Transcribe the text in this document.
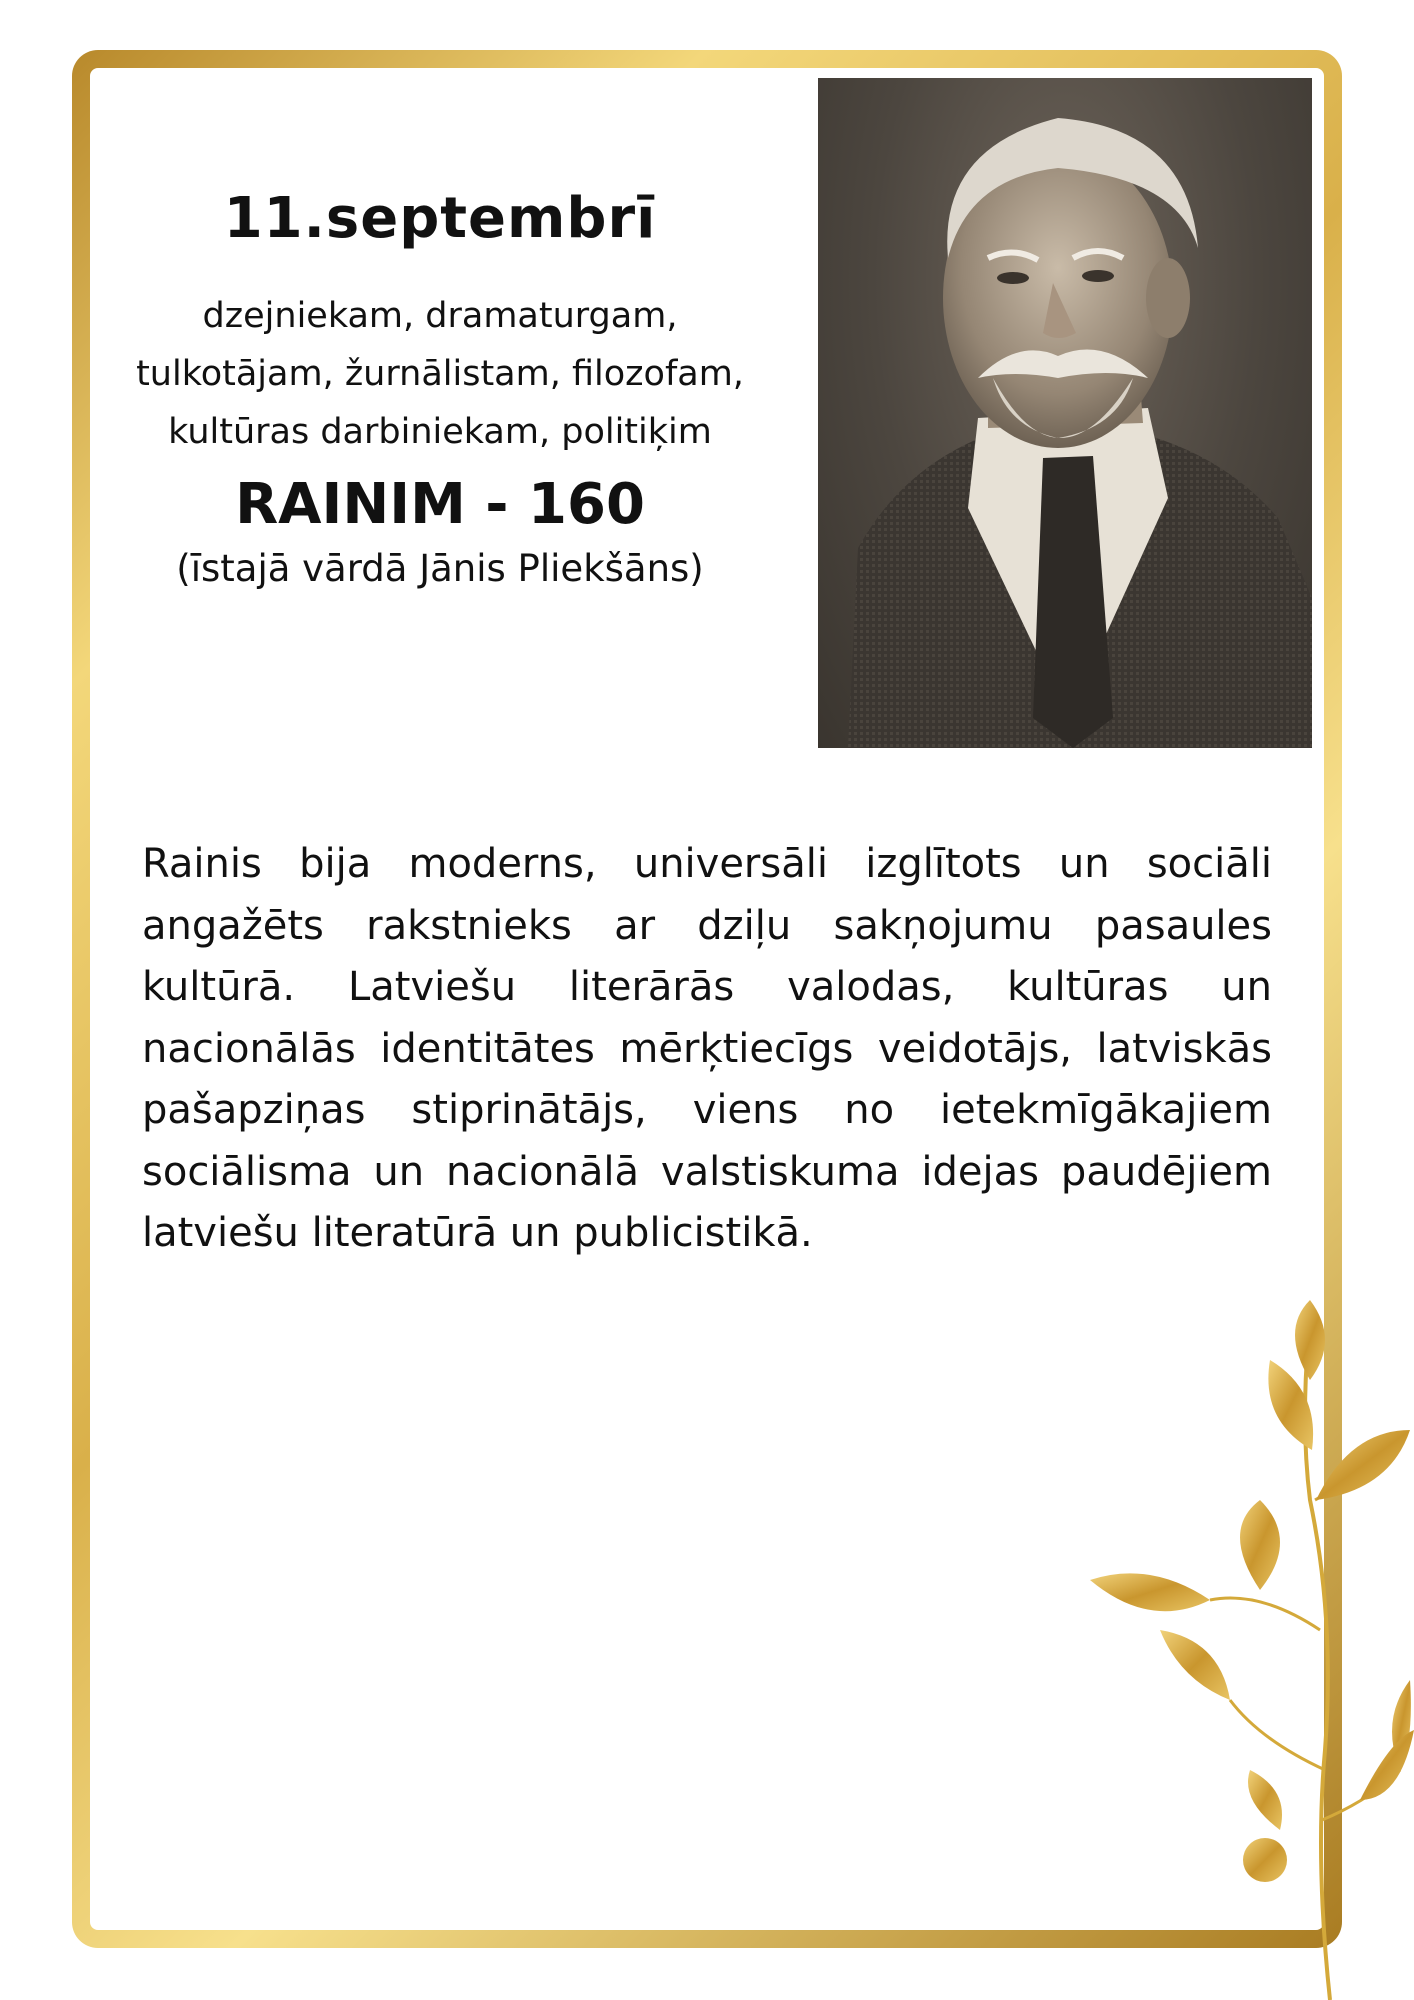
11.septembrī
dzejniekam, dramaturgam,
tulkotājam, žurnālistam, filozofam,
kultūras darbiniekam, politiķim
RAINIM - 160
(īstajā vārdā Jānis Pliekšāns)

Rainis bija moderns, universāli izglītots un sociāli angažēts rakstnieks ar dziļu sakņojumu pasaules kultūrā. Latviešu literārās valodas, kultūras un nacionālās identitātes mērķtiecīgs veidotājs, latviskās pašapziņas stiprinātājs, viens no ietekmīgākajiem sociālisma un nacionālā valstiskuma idejas paudējiem latviešu literatūrā un publicistikā.
